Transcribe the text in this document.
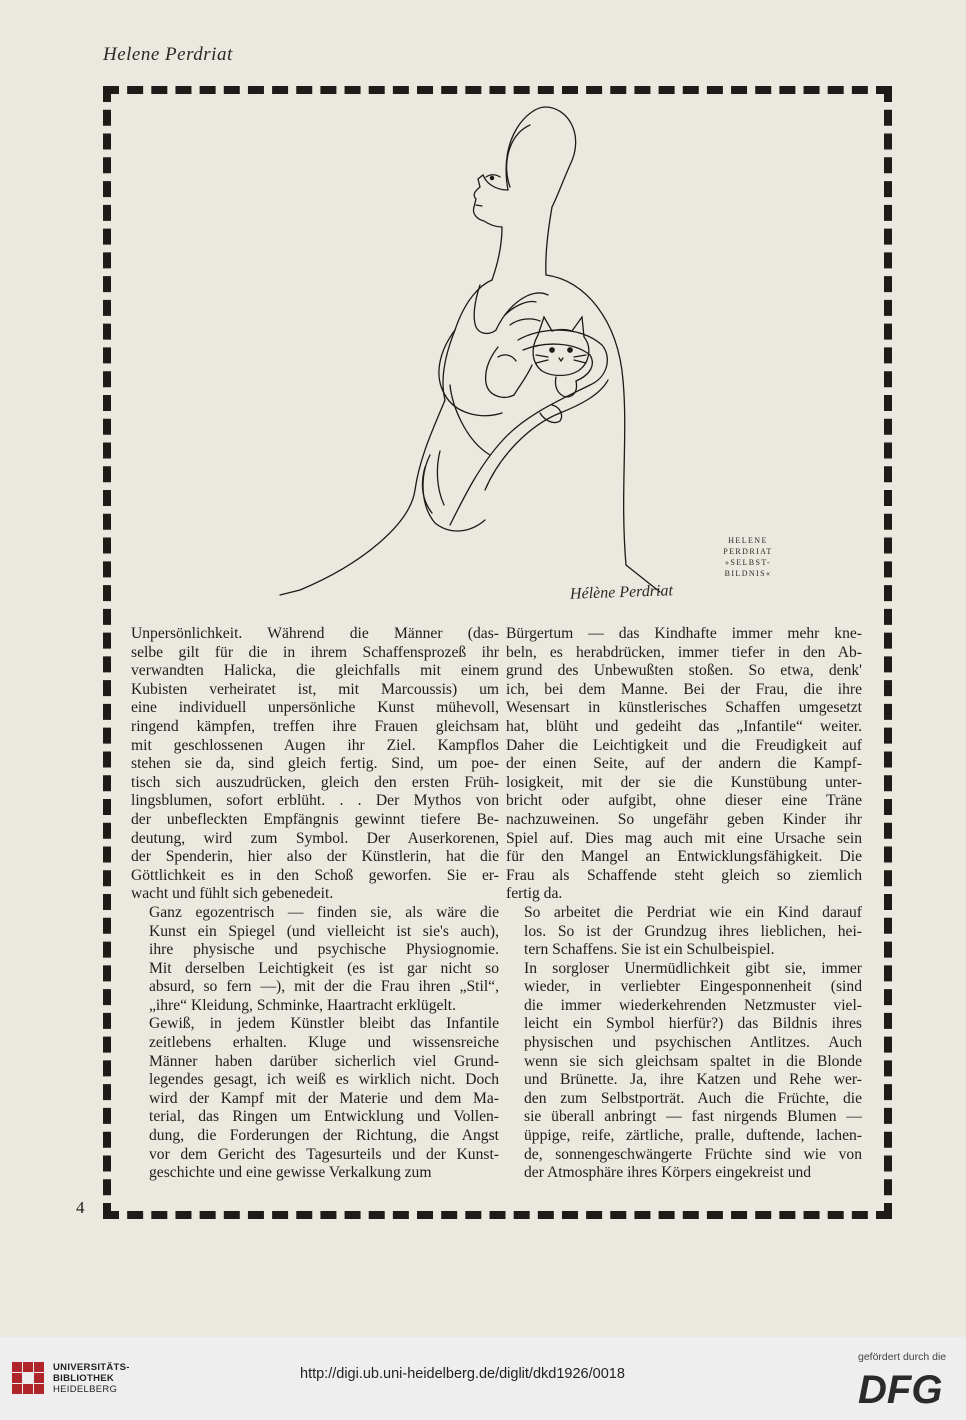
Helene Perdriat
HELENE
PERDRIAT
»SELBST-
BILDNIS«
Hélène Perdriat

Unpersönlichkeit. Während die Männer (das-
selbe gilt für die in ihrem Schaffensprozeß ihr
verwandten Halicka, die gleichfalls mit einem
Kubisten verheiratet ist, mit Marcoussis) um
eine individuell unpersönliche Kunst mühevoll,
ringend kämpfen, treffen ihre Frauen gleichsam
mit geschlossenen Augen ihr Ziel. Kampflos
stehen sie da, sind gleich fertig. Sind, um poe-
tisch sich auszudrücken, gleich den ersten Früh-
lingsblumen, sofort erblüht. . . Der Mythos von
der unbefleckten Empfängnis gewinnt tiefere Be-
deutung, wird zum Symbol. Der Auserkorenen,
der Spenderin, hier also der Künstlerin, hat die
Göttlichkeit es in den Schoß geworfen. Sie er-
wacht und fühlt sich gebenedeit.

Ganz egozentrisch — finden sie, als wäre die
Kunst ein Spiegel (und vielleicht ist sie's auch),
ihre physische und psychische Physiognomie.
Mit derselben Leichtigkeit (es ist gar nicht so
absurd, so fern —), mit der die Frau ihren „Stil“,
„ihre“ Kleidung, Schminke, Haartracht erklügelt.

Gewiß, in jedem Künstler bleibt das Infantile
zeitlebens erhalten. Kluge und wissensreiche
Männer haben darüber sicherlich viel Grund-
legendes gesagt, ich weiß es wirklich nicht. Doch
wird der Kampf mit der Materie und dem Ma-
terial, das Ringen um Entwicklung und Vollen-
dung, die Forderungen der Richtung, die Angst
vor dem Gericht des Tagesurteils und der Kunst-
geschichte und eine gewisse Verkalkung zum

Bürgertum — das Kindhafte immer mehr kne-
beln, es herabdrücken, immer tiefer in den Ab-
grund des Unbewußten stoßen. So etwa, denk'
ich, bei dem Manne. Bei der Frau, die ihre
Wesensart in künstlerisches Schaffen umgesetzt
hat, blüht und gedeiht das „Infantile“ weiter.
Daher die Leichtigkeit und die Freudigkeit auf
der einen Seite, auf der andern die Kampf-
losigkeit, mit der sie die Kunstübung unter-
bricht oder aufgibt, ohne dieser eine Träne
nachzuweinen. So ungefähr geben Kinder ihr
Spiel auf. Dies mag auch mit eine Ursache sein
für den Mangel an Entwicklungsfähigkeit. Die
Frau als Schaffende steht gleich so ziemlich
fertig da.

So arbeitet die Perdriat wie ein Kind darauf
los. So ist der Grundzug ihres lieblichen, hei-
tern Schaffens. Sie ist ein Schulbeispiel.

In sorgloser Unermüdlichkeit gibt sie, immer
wieder, in verliebter Eingesponnenheit (sind
die immer wiederkehrenden Netzmuster viel-
leicht ein Symbol hierfür?) das Bildnis ihres
physischen und psychischen Antlitzes. Auch
wenn sie sich gleichsam spaltet in die Blonde
und Brünette. Ja, ihre Katzen und Rehe wer-
den zum Selbstporträt. Auch die Früchte, die
sie überall anbringt — fast nirgends Blumen —
üppige, reife, zärtliche, pralle, duftende, lachen-
de, sonnengeschwängerte Früchte sind wie von
der Atmosphäre ihres Körpers eingekreist und

4
UNIVERSITÄTS-
BIBLIOTHEK
HEIDELBERG
http://digi.ub.uni-heidelberg.de/diglit/dkd1926/0018
gefördert durch die
DFG
